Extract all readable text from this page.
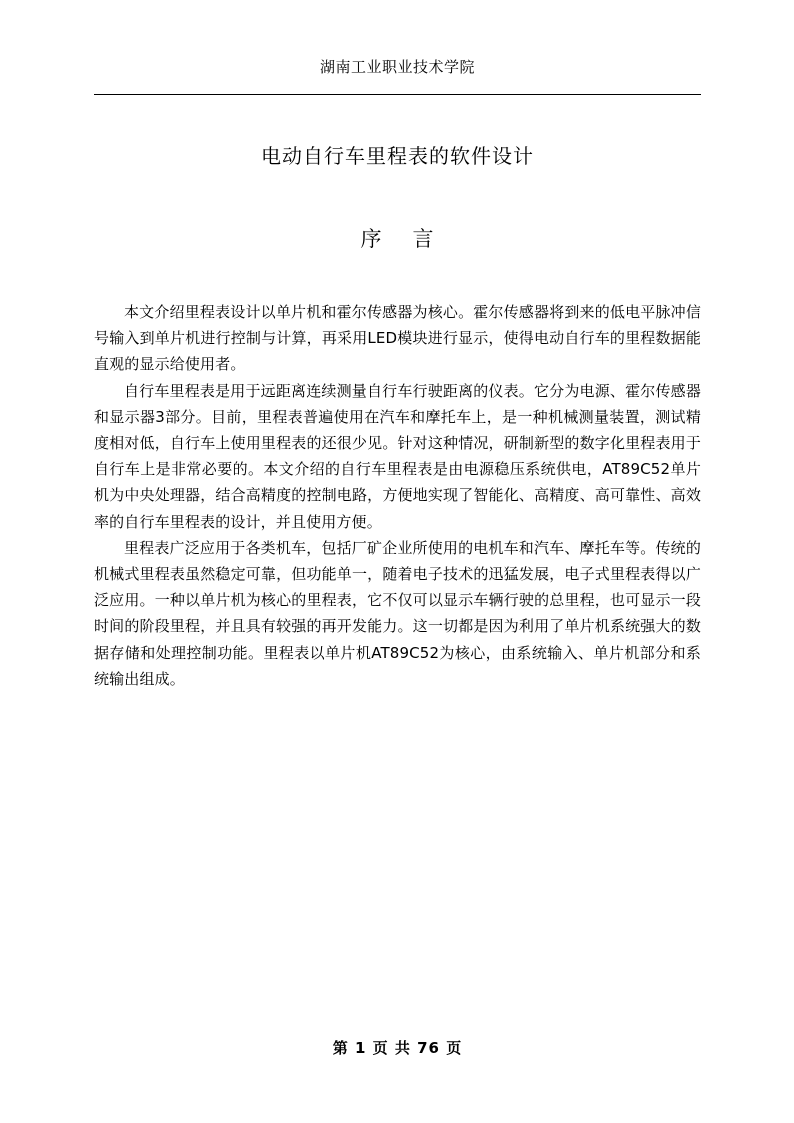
湖南工业职业技术学院
电动自行车里程表的软件设计
序 言

本文介绍里程表设计以单片机和霍尔传感器为核心。霍尔传感器将到来的低电平脉冲信号输入到单片机进行控制与计算，再采用LED模块进行显示，使得电动自行车的里程数据能直观的显示给使用者。

自行车里程表是用于远距离连续测量自行车行驶距离的仪表。它分为电源、霍尔传感器和显示器3部分。目前，里程表普遍使用在汽车和摩托车上，是一种机械测量装置，测试精度相对低，自行车上使用里程表的还很少见。针对这种情况，研制新型的数字化里程表用于自行车上是非常必要的。本文介绍的自行车里程表是由电源稳压系统供电，AT89C52单片机为中央处理器，结合高精度的控制电路，方便地实现了智能化、高精度、高可靠性、高效率的自行车里程表的设计，并且使用方便。

里程表广泛应用于各类机车，包括厂矿企业所使用的电机车和汽车、摩托车等。传统的机械式里程表虽然稳定可靠，但功能单一，随着电子技术的迅猛发展，电子式里程表得以广泛应用。一种以单片机为核心的里程表，它不仅可以显示车辆行驶的总里程，也可显示一段时间的阶段里程，并且具有较强的再开发能力。这一切都是因为利用了单片机系统强大的数据存储和处理控制功能。里程表以单片机AT89C52为核心，由系统输入、单片机部分和系统输出组成。

第 1 页 共 76 页
